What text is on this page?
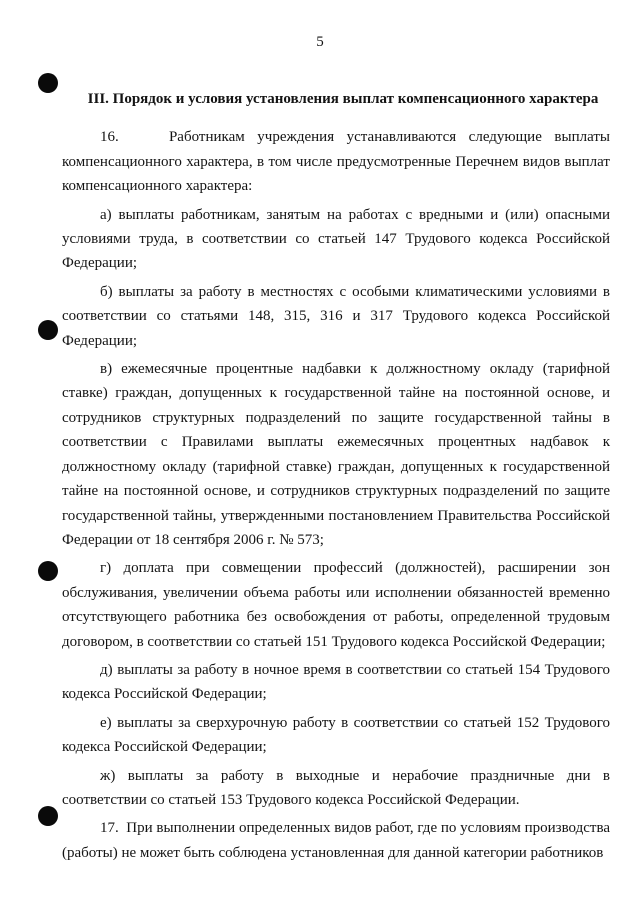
5
III. Порядок и условия установления выплат компенсационного характера

16.    Работникам учреждения устанавливаются следующие выплаты компенсационного характера, в том числе предусмотренные Перечнем видов выплат компенсационного характера:

а) выплаты работникам, занятым на работах с вредными и (или) опасными условиями труда, в соответствии со статьей 147 Трудового кодекса Российской Федерации;

б) выплаты за работу в местностях с особыми климатическими условиями в соответствии со статьями 148, 315, 316 и 317 Трудового кодекса Российской Федерации;

в) ежемесячные процентные надбавки к должностному окладу (тарифной ставке) граждан, допущенных к государственной тайне на постоянной основе, и сотрудников структурных подразделений по защите государственной тайны в соответствии с Правилами выплаты ежемесячных процентных надбавок к должностному окладу (тарифной ставке) граждан, допущенных к государственной тайне на постоянной основе, и сотрудников структурных подразделений по защите государственной тайны, утвержденными постановлением Правительства Российской Федерации от 18 сентября 2006 г. № 573;

г) доплата при совмещении профессий (должностей), расширении зон обслуживания, увеличении объема работы или исполнении обязанностей временно отсутствующего работника без освобождения от работы, определенной трудовым договором, в соответствии со статьей 151 Трудового кодекса Российской Федерации;

д) выплаты за работу в ночное время в соответствии со статьей 154 Трудового кодекса Российской Федерации;

е) выплаты за сверхурочную работу в соответствии со статьей 152 Трудового кодекса Российской Федерации;

ж) выплаты за работу в выходные и нерабочие праздничные дни в соответствии со статьей 153 Трудового кодекса Российской Федерации.

17.  При выполнении определенных видов работ, где по условиям производства (работы) не может быть соблюдена установленная для данной категории работников
